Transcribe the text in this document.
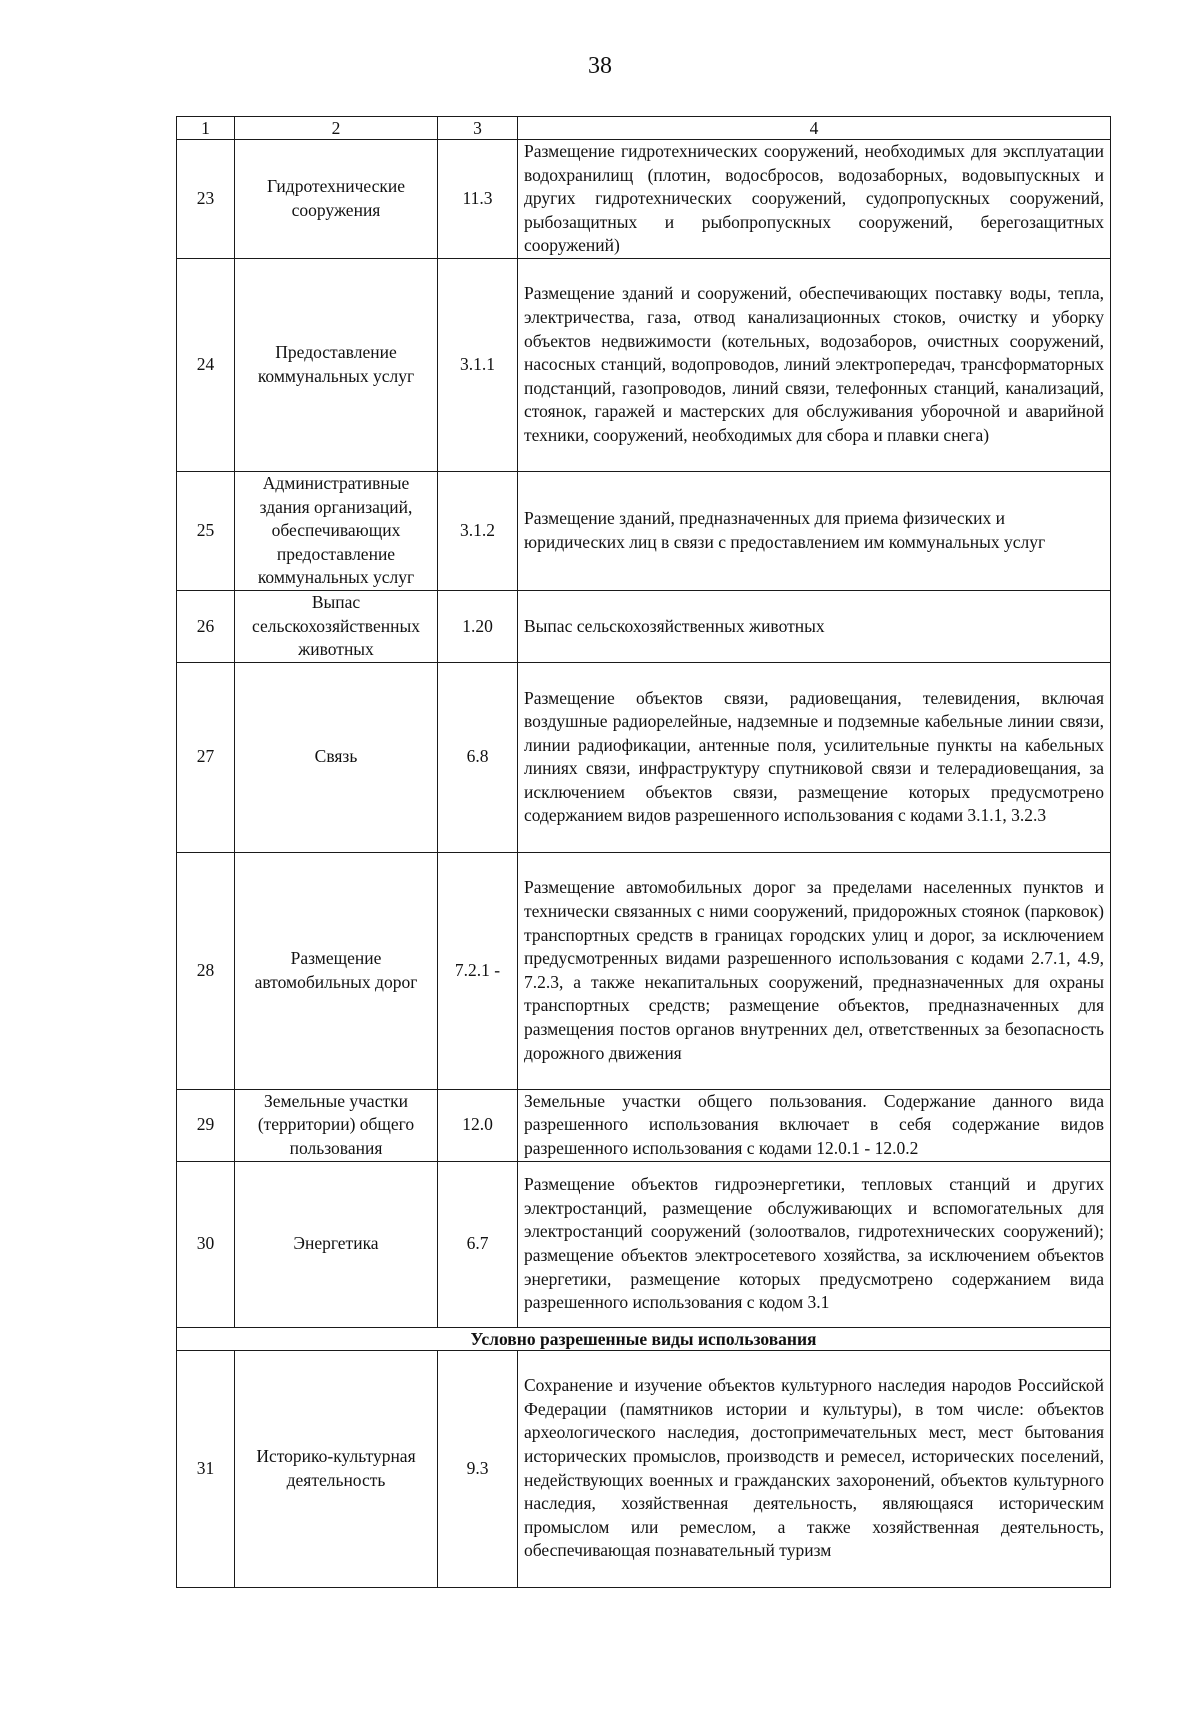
38
1	2	3	4
23	Гидротехнические сооружения	11.3	Размещение гидротехнических сооружений, необходимых для эксплуатации водохранилищ (плотин, водосбросов, водозаборных, водовыпускных и других гидротехнических сооружений, судопропускных сооружений, рыбозащитных и рыбопропускных сооружений, берегозащитных сооружений)
24	Предоставление коммунальных услуг	3.1.1	Размещение зданий и сооружений, обеспечивающих поставку воды, тепла, электричества, газа, отвод канализационных стоков, очистку и уборку объектов недвижимости (котельных, водозаборов, очистных сооружений, насосных станций, водопроводов, линий электропередач, трансформаторных подстанций, газопроводов, линий связи, телефонных станций, канализаций, стоянок, гаражей и мастерских для обслуживания уборочной и аварийной техники, сооружений, необходимых для сбора и плавки снега)
25	Административные здания организаций, обеспечивающих предоставление коммунальных услуг	3.1.2	Размещение зданий, предназначенных для приема физических и юридических лиц в связи с предоставлением им коммунальных услуг
26	Выпас сельскохозяйственных животных	1.20	Выпас сельскохозяйственных животных
27	Связь	6.8	Размещение объектов связи, радиовещания, телевидения, включая воздушные радиорелейные, надземные и подземные кабельные линии связи, линии радиофикации, антенные поля, усилительные пункты на кабельных линиях связи, инфраструктуру спутниковой связи и телерадиовещания, за исключением объектов связи, размещение которых предусмотрено содержанием видов разрешенного использования с кодами 3.1.1, 3.2.3
28	Размещение автомобильных дорог	7.2.1 -	Размещение автомобильных дорог за пределами населенных пунктов и технически связанных с ними сооружений, придорожных стоянок (парковок) транспортных средств в границах городских улиц и дорог, за исключением предусмотренных видами разрешенного использования с кодами 2.7.1, 4.9, 7.2.3, а также некапитальных сооружений, предназначенных для охраны транспортных средств; размещение объектов, предназначенных для размещения постов органов внутренних дел, ответственных за безопасность дорожного движения
29	Земельные участки (территории) общего пользования	12.0	Земельные участки общего пользования. Содержание данного вида разрешенного использования включает в себя содержание видов разрешенного использования с кодами 12.0.1 - 12.0.2
30	Энергетика	6.7	Размещение объектов гидроэнергетики, тепловых станций и других электростанций, размещение обслуживающих и вспомогательных для электростанций сооружений (золоотвалов, гидротехнических сооружений); размещение объектов электросетевого хозяйства, за исключением объектов энергетики, размещение которых предусмотрено содержанием вида разрешенного использования с кодом 3.1
Условно разрешенные виды использования			
31	Историко-культурная деятельность	9.3	Сохранение и изучение объектов культурного наследия народов Российской Федерации (памятников истории и культуры), в том числе: объектов археологического наследия, достопримечательных мест, мест бытования исторических промыслов, производств и ремесел, исторических поселений, недействующих военных и гражданских захоронений, объектов культурного наследия, хозяйственная деятельность, являющаяся историческим промыслом или ремеслом, а также хозяйственная деятельность, обеспечивающая познавательный туризм
